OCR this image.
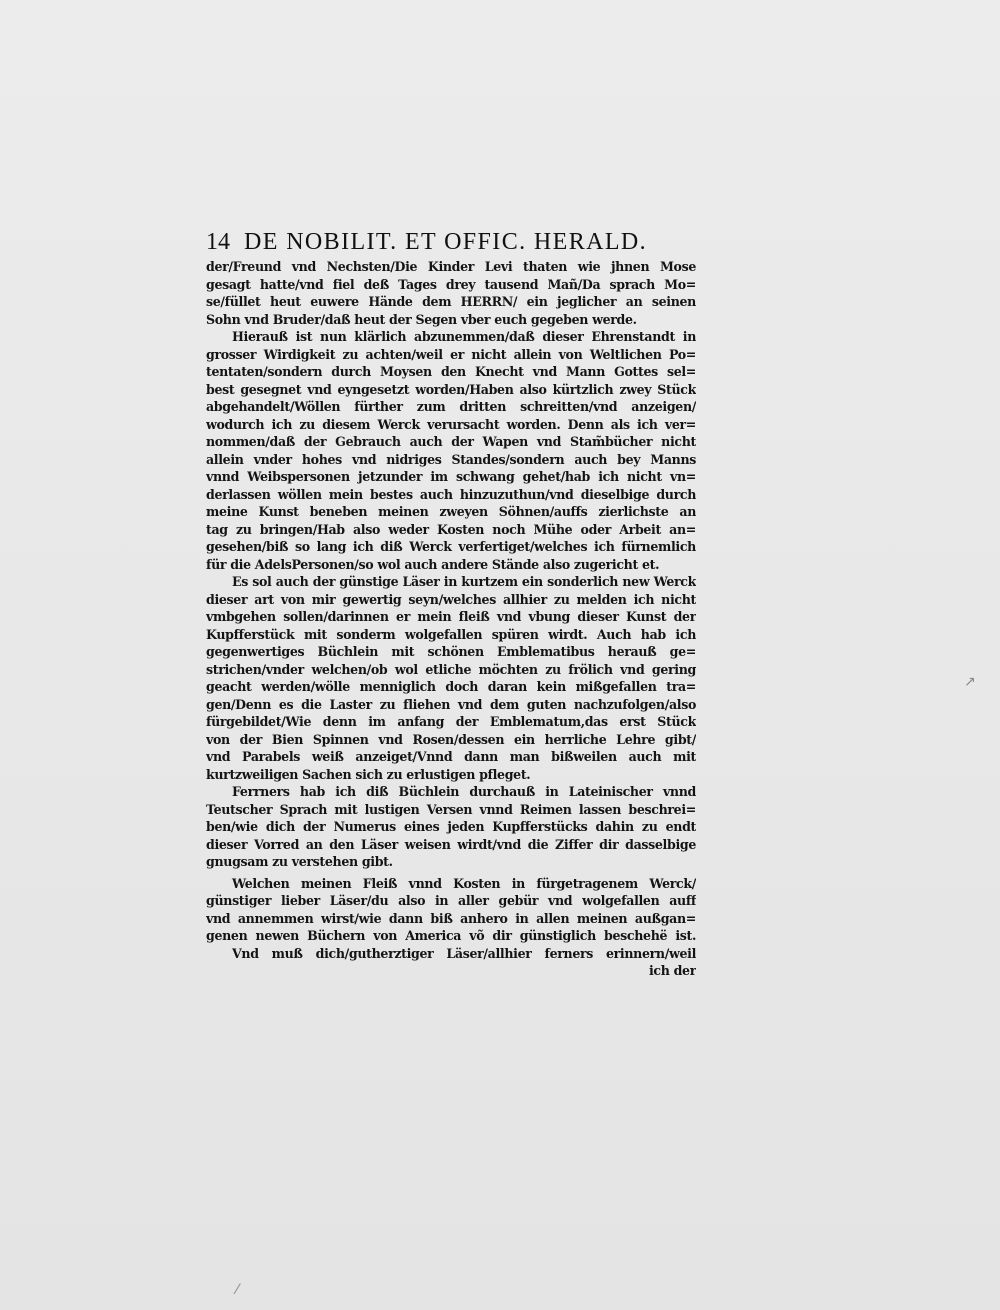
14 DE NOBILIT. ET OFFIC. HERALD.
der/Freund vnd Nechsten/Die Kinder Levi thaten wie jhnen Mose
gesagt hatte/vnd fiel deß Tages drey tausend Mañ/Da sprach Mo=
se/füllet heut euwere Hände dem HERRN/ ein jeglicher an seinen
Sohn vnd Bruder/daß heut der Segen vber euch gegeben werde.
Hierauß ist nun klärlich abzunemmen/daß dieser Ehrenstandt in
grosser Wirdigkeit zu achten/weil er nicht allein von Weltlichen Po=
tentaten/sondern durch Moysen den Knecht vnd Mann Gottes sel=
best gesegnet vnd eyngesetzt worden/Haben also kürtzlich zwey Stück
abgehandelt/Wöllen fürther zum dritten schreitten/vnd anzeigen/
wodurch ich zu diesem Werck verursacht worden. Denn als ich ver=
nommen/daß der Gebrauch auch der Wapen vnd Stam̃bücher nicht
allein vnder hohes vnd nidriges Standes/sondern auch bey Manns
vnnd Weibspersonen jetzunder im schwang gehet/hab ich nicht vn=
derlassen wöllen mein bestes auch hinzuzuthun/vnd dieselbige durch
meine Kunst beneben meinen zweyen Söhnen/auffs zierlichste an
tag zu bringen/Hab also weder Kosten noch Mühe oder Arbeit an=
gesehen/biß so lang ich diß Werck verfertiget/welches ich fürnemlich
für die AdelsPersonen/so wol auch andere Stände also zugericht et.
Es sol auch der günstige Läser in kurtzem ein sonderlich new Werck
dieser art von mir gewertig seyn/welches allhier zu melden ich nicht
vmbgehen sollen/darinnen er mein fleiß vnd vbung dieser Kunst der
Kupfferstück mit sonderm wolgefallen spüren wirdt. Auch hab ich
gegenwertiges Büchlein mit schönen Emblematibus herauß ge=
strichen/vnder welchen/ob wol etliche möchten zu frölich vnd gering
geacht werden/wölle menniglich doch daran kein mißgefallen tra=
gen/Denn es die Laster zu fliehen vnd dem guten nachzufolgen/also
fürgebildet/Wie denn im anfang der Emblematum,das erst Stück
von der Bien Spinnen vnd Rosen/dessen ein herrliche Lehre gibt/
vnd Parabels weiß anzeiget/Vnnd dann man bißweilen auch mit
kurtzweiligen Sachen sich zu erlustigen pfleget.
Ferrners hab ich diß Büchlein durchauß in Lateinischer vnnd
Teutscher Sprach mit lustigen Versen vnnd Reimen lassen beschrei=
ben/wie dich der Numerus eines jeden Kupfferstücks dahin zu endt
dieser Vorred an den Läser weisen wirdt/vnd die Ziffer dir dasselbige
gnugsam zu verstehen gibt.
Welchen meinen Fleiß vnnd Kosten in fürgetragenem Werck/
günstiger lieber Läser/du also in aller gebür vnd wolgefallen auff
vnd annemmen wirst/wie dann biß anhero in allen meinen außgan=
genen newen Büchern von America võ dir günstiglich beschehë ist.
Vnd muß dich/gutherztiger Läser/allhier ferners erinnern/weil
ich der
↗
⁄
